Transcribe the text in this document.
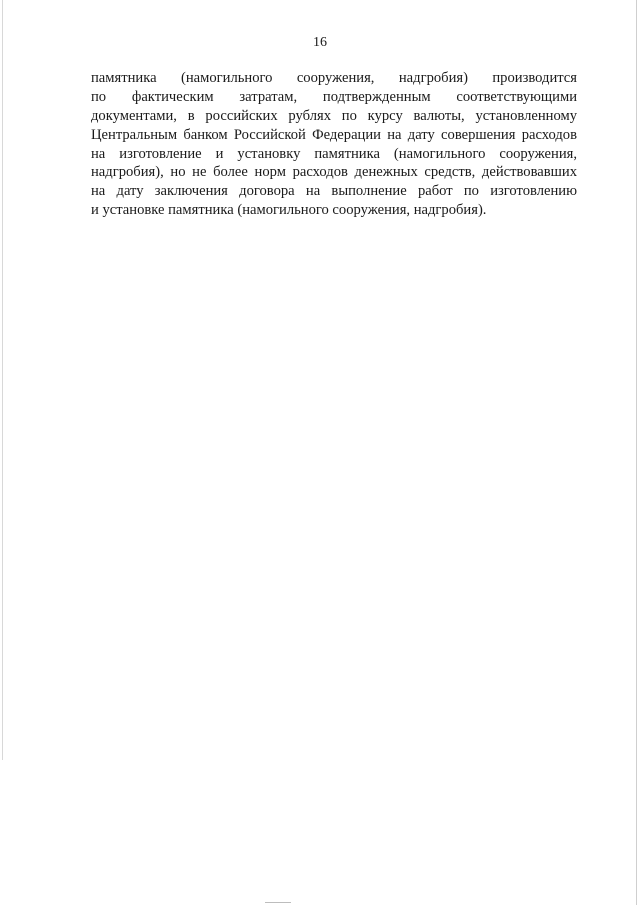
16
памятника (намогильного сооружения, надгробия) производится
по фактическим затратам, подтвержденным соответствующими
документами, в российских рублях по курсу валюты, установленному
Центральным банком Российской Федерации на дату совершения расходов
на изготовление и установку памятника (намогильного сооружения,
надгробия), но не более норм расходов денежных средств, действовавших
на дату заключения договора на выполнение работ по изготовлению
и установке памятника (намогильного сооружения, надгробия).
